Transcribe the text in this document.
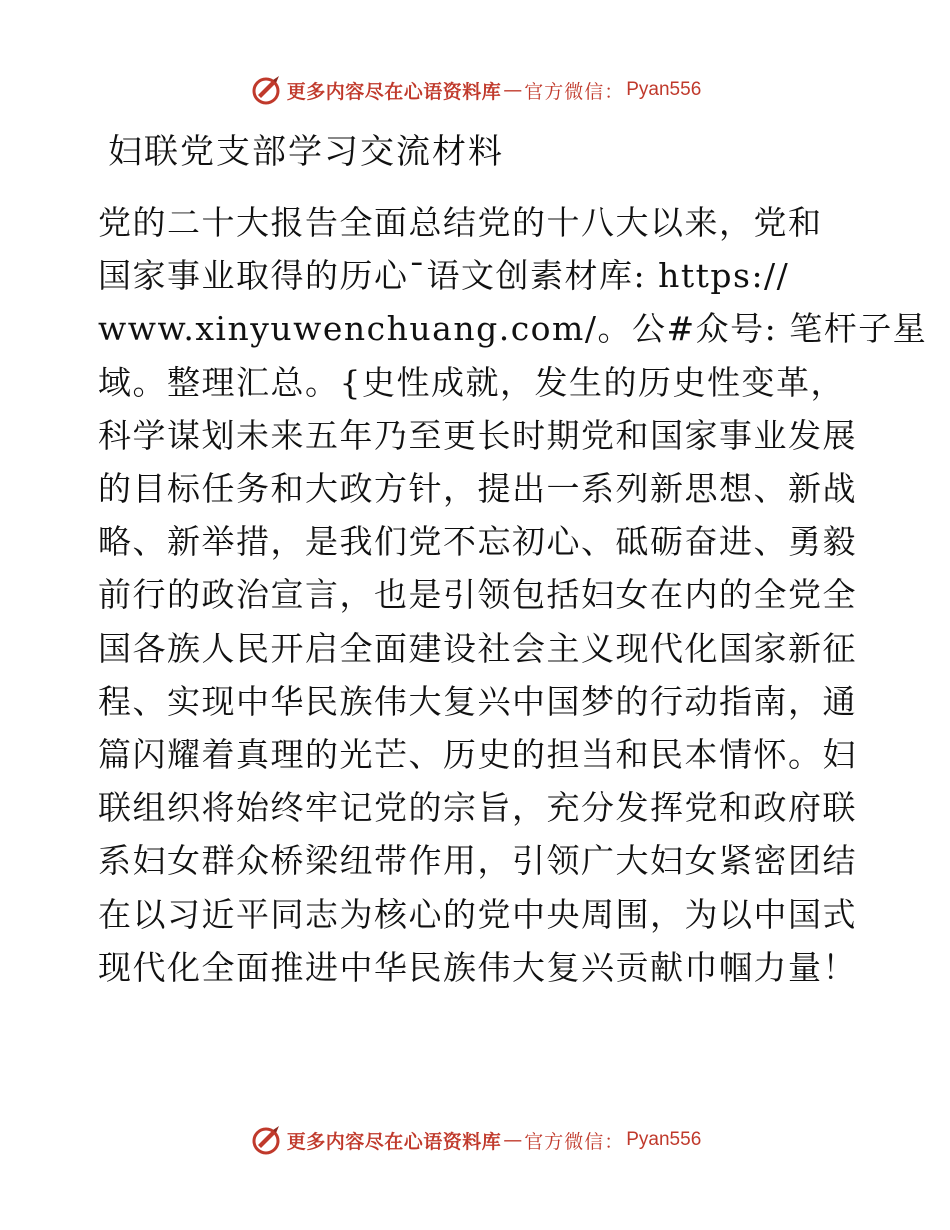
更多内容尽在心语资料库 — 官方微信： Pyan556
妇联党支部学习交流材料
党的二十大报告全面总结党的十八大以来，党和
国家事业取得的历心¯语文创素材库: https://
www.xinyuwenchuang.com/。公#众号: 笔杆子星
域。整理汇总。{史性成就，发生的历史性变革，
科学谋划未来五年乃至更长时期党和国家事业发展
的目标任务和大政方针，提出一系列新思想、新战
略、新举措，是我们党不忘初心、砥砺奋进、勇毅
前行的政治宣言，也是引领包括妇女在内的全党全
国各族人民开启全面建设社会主义现代化国家新征
程、实现中华民族伟大复兴中国梦的行动指南，通
篇闪耀着真理的光芒、历史的担当和民本情怀。妇
联组织将始终牢记党的宗旨，充分发挥党和政府联
系妇女群众桥梁纽带作用，引领广大妇女紧密团结
在以习近平同志为核心的党中央周围，为以中国式
现代化全面推进中华民族伟大复兴贡献巾帼力量！
更多内容尽在心语资料库 — 官方微信： Pyan556
